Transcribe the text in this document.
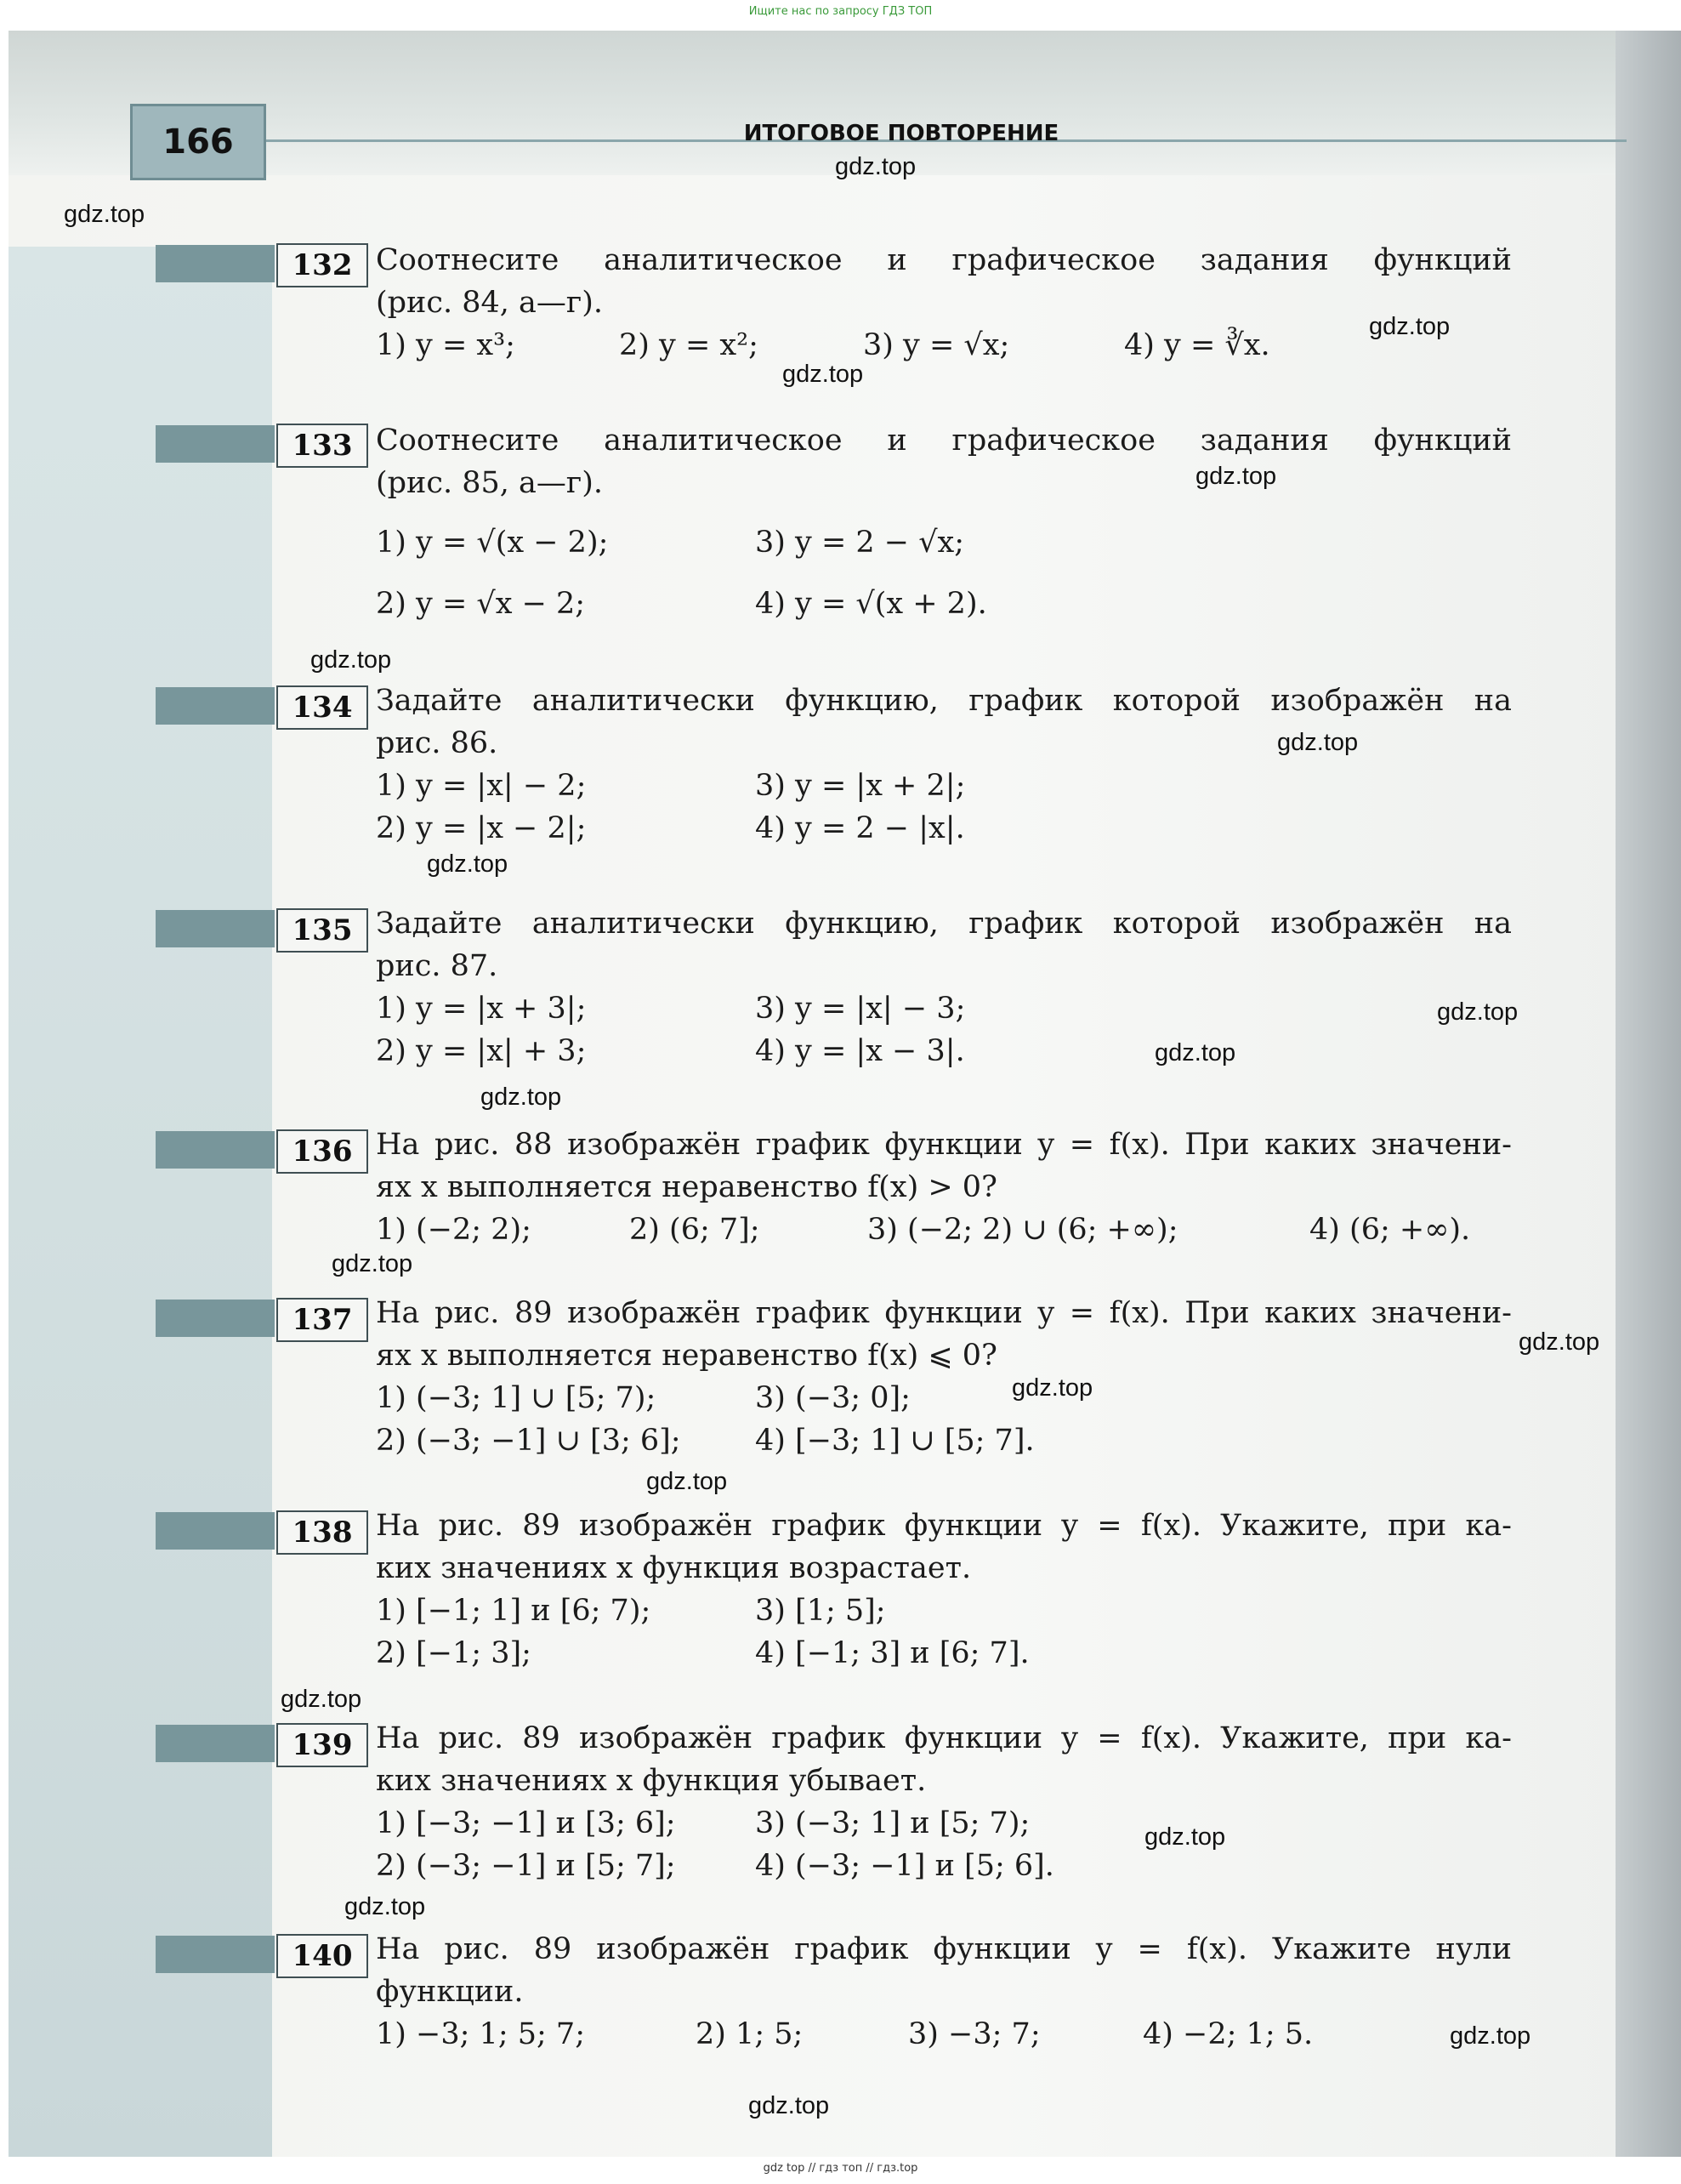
Ищите нас по запросу ГДЗ ТОП
166	ИТОГОВОЕ ПОВТОРЕНИЕ
gdz.top
gdz.top
gdz.top
gdz.top
gdz.top
gdz.top
gdz.top
gdz.top
gdz.top
gdz.top
gdz.top
gdz.top
gdz.top
gdz.top
gdz.top
gdz.top
gdz.top
gdz.top
gdz.top
gdz.top
132 Соотнесите аналитическое и графическое задания функций
(рис. 84, а—г).
1) y = x³;	2) y = x²;	3) y = √x;	4) y = ∛x.
133 Соотнесите аналитическое и графическое задания функций
(рис. 85, а—г).
1) y = √(x − 2);	3) y = 2 − √x;
2) y = √x − 2;	4) y = √(x + 2).
134 Задайте аналитически функцию, график которой изображён на
рис. 86.
1) y = |x| − 2;	3) y = |x + 2|;
2) y = |x − 2|;	4) y = 2 − |x|.
135 Задайте аналитически функцию, график которой изображён на
рис. 87.
1) y = |x + 3|;	3) y = |x| − 3;
2) y = |x| + 3;	4) y = |x − 3|.
136 На рис. 88 изображён график функции y = f(x). При каких значени-
ях x выполняется неравенство f(x) > 0?
1) (−2; 2);	2) (6; 7];	3) (−2; 2) ∪ (6; +∞);	4) (6; +∞).
137 На рис. 89 изображён график функции y = f(x). При каких значени-
ях x выполняется неравенство f(x) ⩽ 0?
1) (−3; 1] ∪ [5; 7);	3) (−3; 0];
2) (−3; −1] ∪ [3; 6]; 4) [−3; 1] ∪ [5; 7].
138 На рис. 89 изображён график функции y = f(x). Укажите, при ка-
ких значениях x функция возрастает.
1) [−1; 1] и [6; 7);	3) [1; 5];
2) [−1; 3];	4) [−1; 3] и [6; 7].
139 На рис. 89 изображён график функции y = f(x). Укажите, при ка-
ких значениях x функция убывает.
1) [−3; −1] и [3; 6];	3) (−3; 1] и [5; 7);
2) (−3; −1] и [5; 7];	4) (−3; −1] и [5; 6].
140 На рис. 89 изображён график функции y = f(x). Укажите нули
функции.
1) −3; 1; 5; 7;	2) 1; 5;	3) −3; 7;	4) −2; 1; 5.
gdz top // гдз топ // гдз.top
